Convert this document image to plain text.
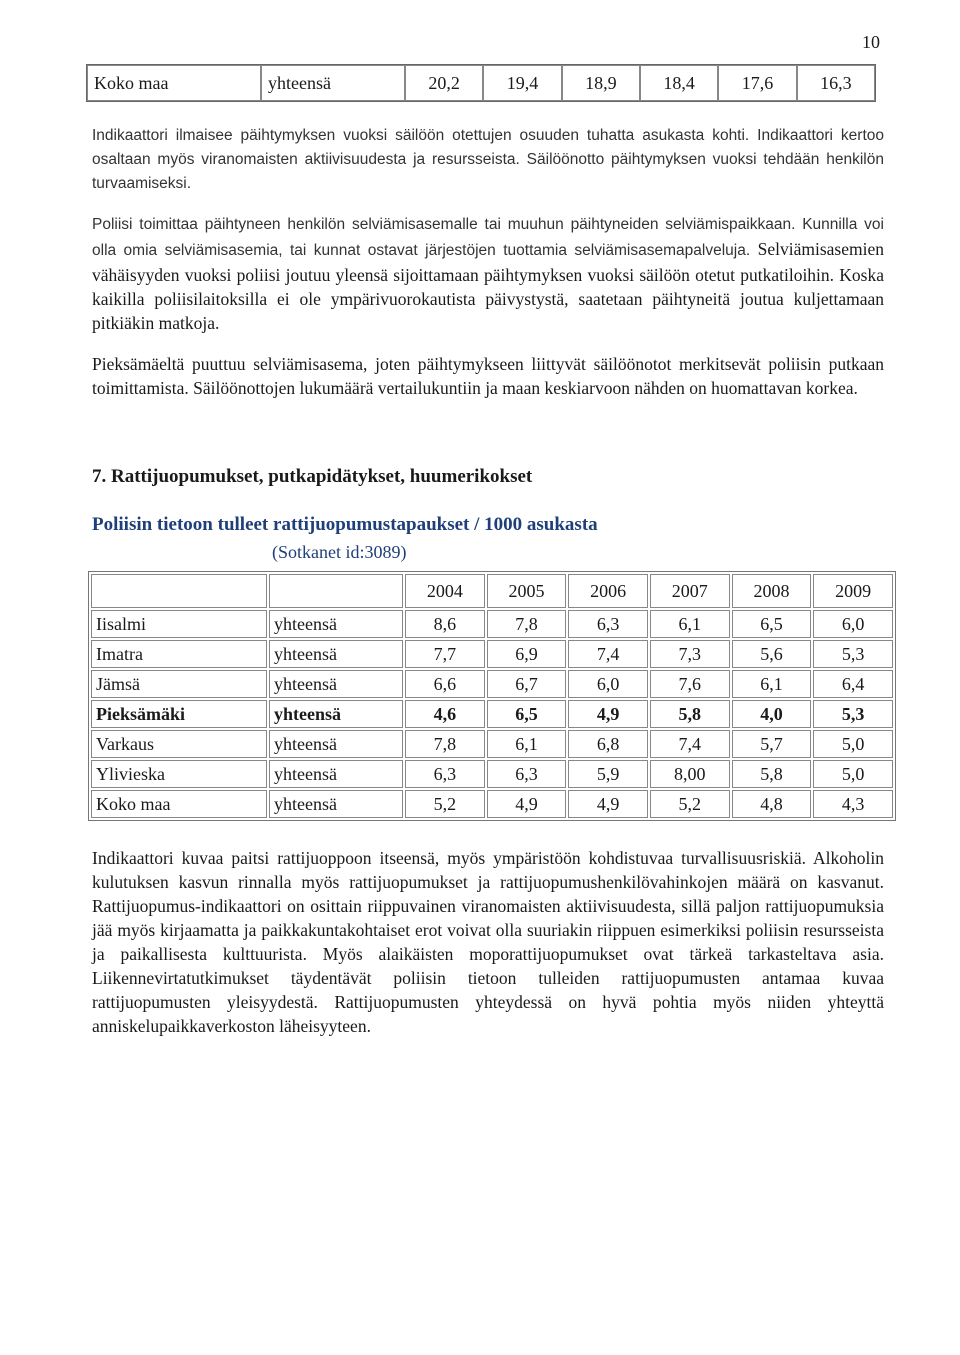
10
Koko maa	yhteensä	20,2	19,4	18,9	18,4	17,6	16,3

Indikaattori ilmaisee päihtymyksen vuoksi säilöön otettujen osuuden tuhatta asukasta kohti. Indikaattori kertoo osaltaan myös viranomaisten aktiivisuudesta ja resursseista. Säilöönotto päihtymyksen vuoksi tehdään henkilön turvaamiseksi.

Poliisi toimittaa päihtyneen henkilön selviämisasemalle tai muuhun päihtyneiden selviämispaikkaan. Kunnilla voi olla omia selviämisasemia, tai kunnat ostavat järjestöjen tuottamia selviämisasemapalveluja. Selviämisasemien vähäisyyden vuoksi poliisi joutuu yleensä sijoittamaan päihtymyksen vuoksi säilöön otetut putkatiloihin. Koska kaikilla poliisilaitoksilla ei ole ympärivuorokautista päivystystä, saatetaan päihtyneitä joutua kuljettamaan pitkiäkin matkoja.

Pieksämäeltä puuttuu selviämisasema, joten päihtymykseen liittyvät säilöönotot merkitsevät poliisin putkaan toimittamista. Säilöönottojen lukumäärä vertailukuntiin ja maan keskiarvoon nähden on huomattavan korkea.

7. Rattijuopumukset, putkapidätykset, huumerikokset
Poliisin tietoon tulleet rattijuopumustapaukset / 1000 asukasta
(Sotkanet id:3089)
		2004	2005	2006	2007	2008	2009
Iisalmi	yhteensä	8,6	7,8	6,3	6,1	6,5	6,0
Imatra	yhteensä	7,7	6,9	7,4	7,3	5,6	5,3
Jämsä	yhteensä	6,6	6,7	6,0	7,6	6,1	6,4
Pieksämäki	yhteensä	4,6	6,5	4,9	5,8	4,0	5,3
Varkaus	yhteensä	7,8	6,1	6,8	7,4	5,7	5,0
Ylivieska	yhteensä	6,3	6,3	5,9	8,00	5,8	5,0
Koko maa	yhteensä	5,2	4,9	4,9	5,2	4,8	4,3

Indikaattori kuvaa paitsi rattijuoppoon itseensä, myös ympäristöön kohdistuvaa turvallisuusriskiä. Alkoholin kulutuksen kasvun rinnalla myös rattijuopumukset ja rattijuopumushenkilövahinkojen määrä on kasvanut. Rattijuopumus-indikaattori on osittain riippuvainen viranomaisten aktiivisuudesta, sillä paljon rattijuopumuksia jää myös kirjaamatta ja paikkakuntakohtaiset erot voivat olla suuriakin riippuen esimerkiksi poliisin resursseista ja paikallisesta kulttuurista. Myös alaikäisten moporattijuopumukset ovat tärkeä tarkasteltava asia. Liikennevirtatutkimukset täydentävät poliisin tietoon tulleiden rattijuopumusten antamaa kuvaa rattijuopumusten yleisyydestä. Rattijuopumusten yhteydessä on hyvä pohtia myös niiden yhteyttä anniskelupaikkaverkoston läheisyyteen.
